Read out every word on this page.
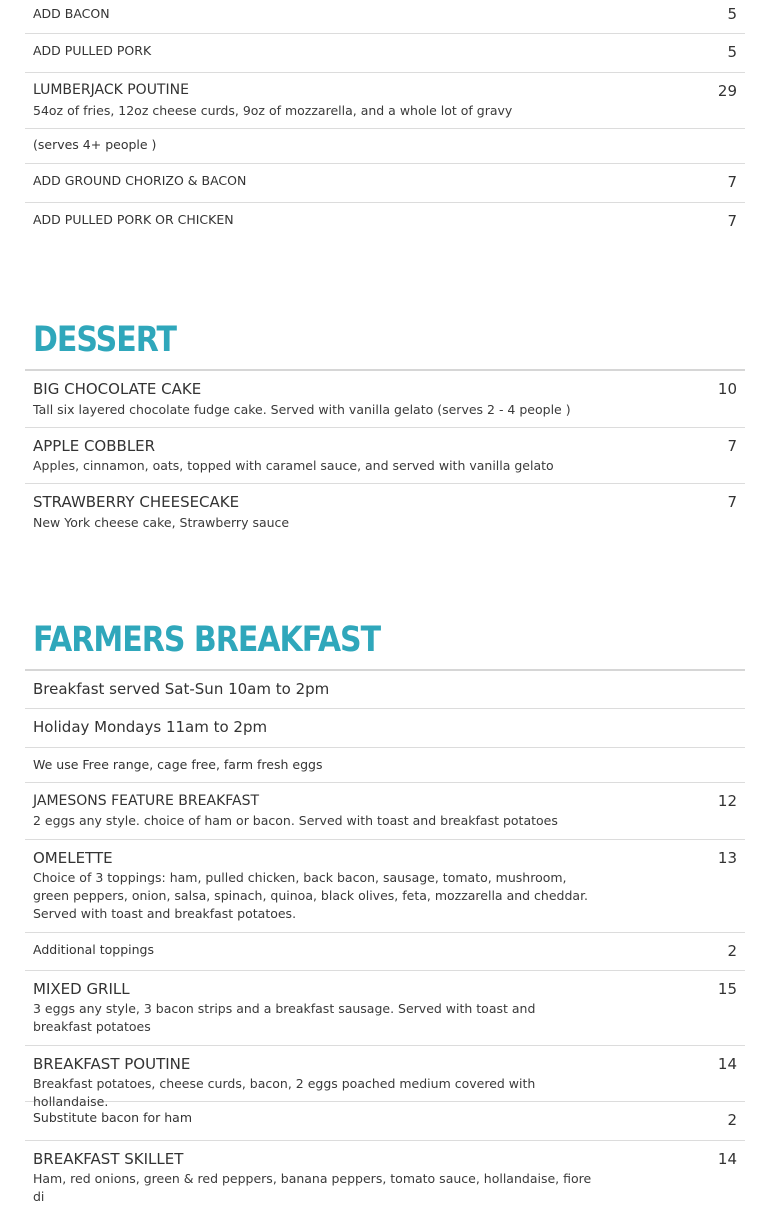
ADD BACON	5
ADD PULLED PORK	5
LUMBERJACK POUTINE	29
54oz of fries, 12oz cheese curds, 9oz of mozzarella, and a whole lot of gravy
(serves 4+ people )
ADD GROUND CHORIZO & BACON	7
ADD PULLED PORK OR CHICKEN	7
DESSERT
BIG CHOCOLATE CAKE	10
Tall six layered chocolate fudge cake. Served with vanilla gelato (serves 2 - 4 people )
APPLE COBBLER	7
Apples, cinnamon, oats, topped with caramel sauce, and served with vanilla gelato
STRAWBERRY CHEESECAKE	7
New York cheese cake, Strawberry sauce
FARMERS BREAKFAST
Breakfast served Sat-Sun 10am to 2pm
Holiday Mondays 11am to 2pm
We use Free range, cage free, farm fresh eggs
JAMESONS FEATURE BREAKFAST	12
2 eggs any style. choice of ham or bacon. Served with toast and breakfast potatoes
OMELETTE	13
Choice of 3 toppings: ham, pulled chicken, back bacon, sausage, tomato, mushroom, green peppers, onion, salsa, spinach, quinoa, black olives, feta, mozzarella and cheddar. Served with toast and breakfast potatoes.
Additional toppings	2
MIXED GRILL	15
3 eggs any style, 3 bacon strips and a breakfast sausage. Served with toast and breakfast potatoes
BREAKFAST POUTINE	14
Breakfast potatoes, cheese curds, bacon, 2 eggs poached medium covered with hollandaise.
Substitute bacon for ham	2
BREAKFAST SKILLET	14
Ham, red onions, green & red peppers, banana peppers, tomato sauce, hollandaise, fiore di
